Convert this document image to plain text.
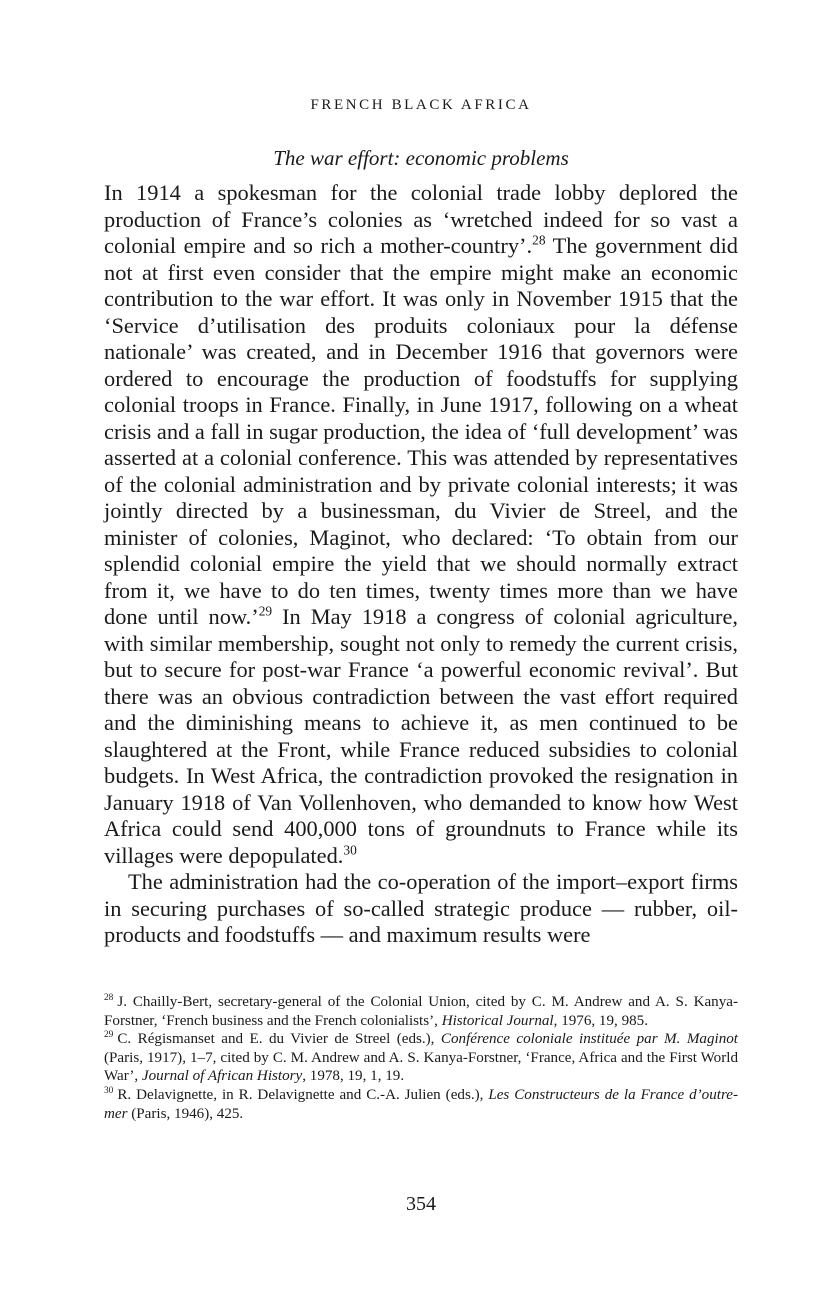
FRENCH BLACK AFRICA
The war effort: economic problems

In 1914 a spokesman for the colonial trade lobby deplored the production of France’s colonies as ‘wretched indeed for so vast a colonial empire and so rich a mother-country’.$^{28}$ The government did not at first even consider that the empire might make an economic contribution to the war effort. It was only in November 1915 that the ‘Service d’utilisation des produits coloniaux pour la défense nationale’ was created, and in December 1916 that governors were ordered to encourage the production of foodstuffs for supplying colonial troops in France. Finally, in June 1917, following on a wheat crisis and a fall in sugar production, the idea of ‘full development’ was asserted at a colonial conference. This was attended by representatives of the colonial administration and by private colonial interests; it was jointly directed by a businessman, du Vivier de Streel, and the minister of colonies, Maginot, who declared: ‘To obtain from our splendid colonial empire the yield that we should normally extract from it, we have to do ten times, twenty times more than we have done until now.’$^{29}$ In May 1918 a congress of colonial agriculture, with similar membership, sought not only to remedy the current crisis, but to secure for post-war France ‘a powerful economic revival’. But there was an obvious contradiction between the vast effort required and the diminishing means to achieve it, as men continued to be slaughtered at the Front, while France reduced subsidies to colonial budgets. In West Africa, the contradiction provoked the resignation in January 1918 of Van Vollenhoven, who demanded to know how West Africa could send 400,000 tons of groundnuts to France while its villages were depopulated.$^{30}$

The administration had the co-operation of the import–export firms in securing purchases of so-called strategic produce — rubber, oil-products and foodstuffs — and maximum results were

$^{28}$ J. Chailly-Bert, secretary-general of the Colonial Union, cited by C. M. Andrew and A. S. Kanya-Forstner, ‘French business and the French colonialists’, Historical Journal, 1976, 19, 985.

$^{29}$ C. Régismanset and E. du Vivier de Streel (eds.), Conférence coloniale instituée par M. Maginot (Paris, 1917), 1–7, cited by C. M. Andrew and A. S. Kanya-Forstner, ‘France, Africa and the First World War’, Journal of African History, 1978, 19, 1, 19.

$^{30}$ R. Delavignette, in R. Delavignette and C.-A. Julien (eds.), Les Constructeurs de la France d’outre-mer (Paris, 1946), 425.

354
